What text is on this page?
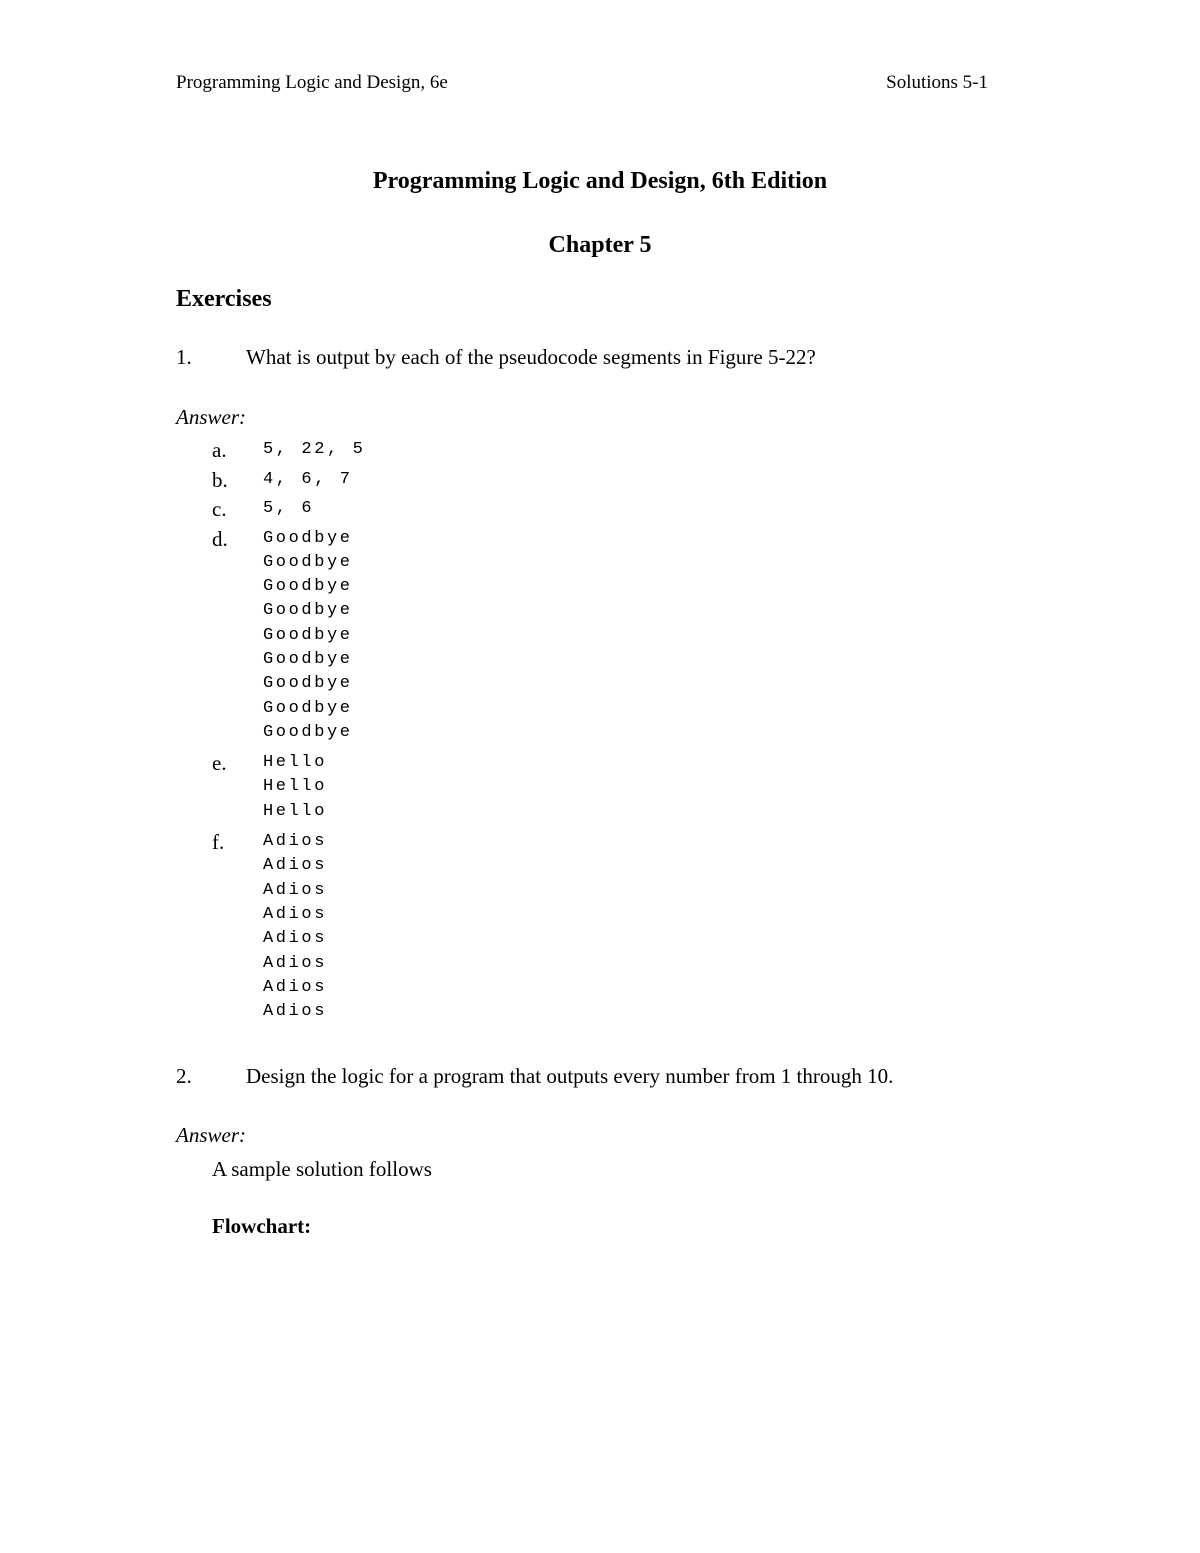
Programming Logic and Design, 6e	Solutions 5-1
Programming Logic and Design, 6th Edition
Chapter 5
Exercises
1.	What is output by each of the pseudocode segments in Figure 5-22?
Answer:
a.	5, 22, 5
b.	4, 6, 7
c.	5, 6
d.	Goodbye
Goodbye
Goodbye
Goodbye
Goodbye
Goodbye
Goodbye
Goodbye
Goodbye
e.	Hello
Hello
Hello
f.	Adios
Adios
Adios
Adios
Adios
Adios
Adios
Adios
2.	Design the logic for a program that outputs every number from 1 through 10.
Answer:
A sample solution follows
Flowchart:
